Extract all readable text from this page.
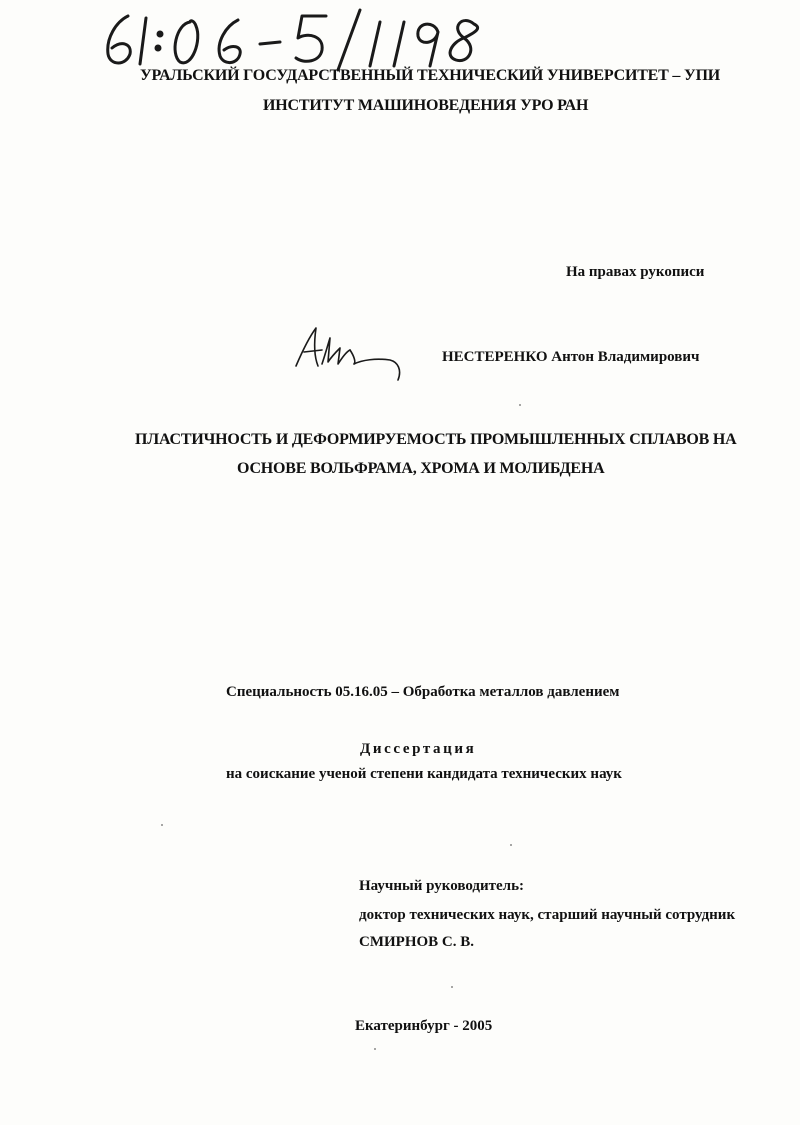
УРАЛЬСКИЙ ГОСУДАРСТВЕННЫЙ ТЕХНИЧЕСКИЙ УНИВЕРСИТЕТ – УПИ
ИНСТИТУТ МАШИНОВЕДЕНИЯ УРО РАН
На правах рукописи
НЕСТЕРЕНКО Антон Владимирович
ПЛАСТИЧНОСТЬ И ДЕФОРМИРУЕМОСТЬ ПРОМЫШЛЕННЫХ СПЛАВОВ НА
ОСНОВЕ ВОЛЬФРАМА, ХРОМА И МОЛИБДЕНА
Специальность 05.16.05 – Обработка металлов давлением
Диссертация
на соискание ученой степени кандидата технических наук
Научный руководитель:
доктор технических наук, старший научный сотрудник
СМИРНОВ С. В.
Екатеринбург - 2005
